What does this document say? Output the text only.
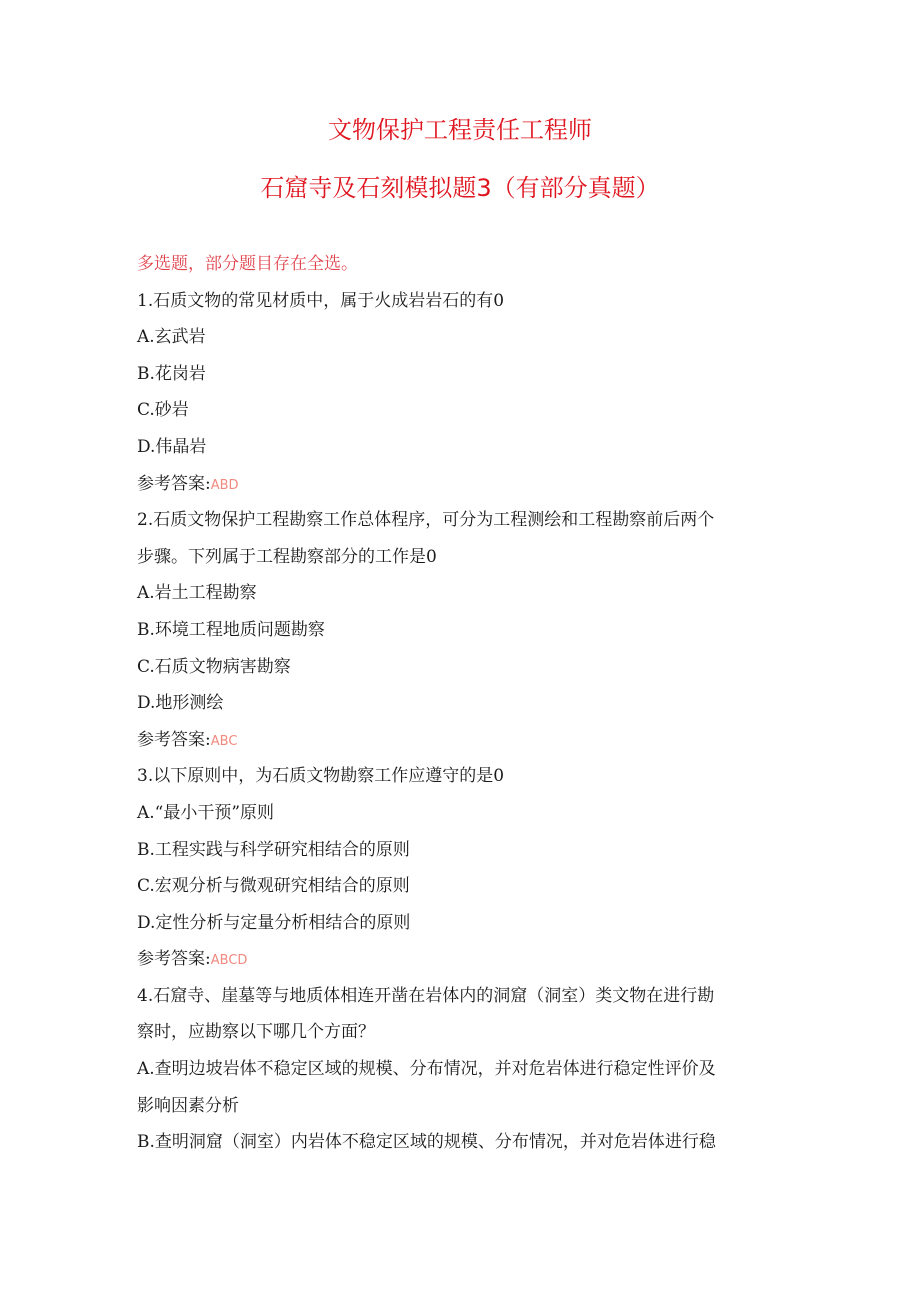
文物保护工程责任工程师
石窟寺及石刻模拟题3（有部分真题）
多选题，部分题目存在全选。
1.石质文物的常见材质中，属于火成岩岩石的有0
A.玄武岩
B.花岗岩
C.砂岩
D.伟晶岩
参考答案:ABD
2.石质文物保护工程勘察工作总体程序，可分为工程测绘和工程勘察前后两个
步骤。下列属于工程勘察部分的工作是0
A.岩土工程勘察
B.环境工程地质问题勘察
C.石质文物病害勘察
D.地形测绘
参考答案:ABC
3.以下原则中，为石质文物勘察工作应遵守的是0
A.“最小干预”原则
B.工程实践与科学研究相结合的原则
C.宏观分析与微观研究相结合的原则
D.定性分析与定量分析相结合的原则
参考答案:ABCD
4.石窟寺、崖墓等与地质体相连开凿在岩体内的洞窟（洞室）类文物在进行勘
察时，应勘察以下哪几个方面？
A.查明边坡岩体不稳定区域的规模、分布情况，并对危岩体进行稳定性评价及
影响因素分析
B.查明洞窟（洞室）内岩体不稳定区域的规模、分布情况，并对危岩体进行稳
